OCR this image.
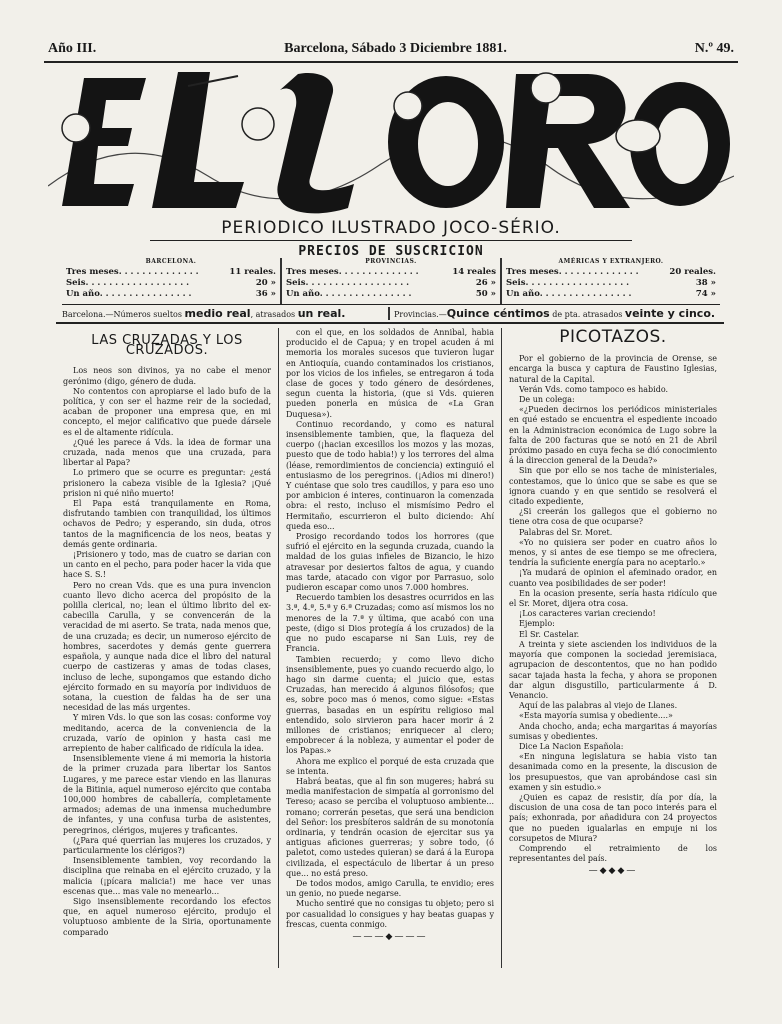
Año III.	Barcelona, Sábado 3 Diciembre 1881.	N.º 49.
PERIODICO ILUSTRADO JOCO-SÉRIO.
PRECIOS DE SUSCRICION
BARCELONA.
Tres meses. . . . . . . . . . . . . .	11 reales.
Seis. . . . . . . . . . . . . . . . . .	20 »
Un año. . . . . . . . . . . . . . . .	36 »
PROVINCIAS.
Tres meses. . . . . . . . . . . . . .	14 reales
Seis. . . . . . . . . . . . . . . . . .	26 »
Un año. . . . . . . . . . . . . . . .	50 »
AMÉRICAS Y EXTRANJERO.
Tres meses. . . . . . . . . . . . . .	20 reales.
Seis. . . . . . . . . . . . . . . . . .	38 »
Un año. . . . . . . . . . . . . . . .	74 »
Barcelona.—Números sueltos medio real, atrasados un real.	Provincias.—Quince céntimos de pta. atrasados veinte y cinco.
LAS CRUZADAS Y LOS CRUZADOS.

Los neos son divinos, ya no cabe el menor gerónimo (digo, género de duda.

No contentos con apropiarse el lado bufo de la política, y con ser el hazme reir de la sociedad, acaban de proponer una empresa que, en mi concepto, el mejor calificativo que puede dársele es el de altamente ridícula.

¿Qué les parece á Vds. la idea de formar una cruzada, nada menos que una cruzada, para libertar al Papa?

Lo primero que se ocurre es preguntar: ¿está prisionero la cabeza visible de la Iglesia? ¡Qué prision ni qué niño muerto!

El Papa está tranquilamente en Roma, disfrutando tambien con tranquilidad, los últimos ochavos de Pedro; y esperando, sin duda, otros tantos de la magnificencia de los neos, beatas y demás gente ordinaria.

¡Prisionero y todo, mas de cuatro se darian con un canto en el pecho, para poder hacer la vida que hace S. S.!

Pero no crean Vds. que es una pura invencion cuanto llevo dicho acerca del propósito de la polilla clerical, no; lean el último librito del ex-cabecilla Carulla, y se convencerán de la veracidad de mi aserto. Se trata, nada menos que, de una cruzada; es decir, un numeroso ejército de hombres, sacerdotes y demás gente guerrera española, y aunque nada dice el libro del natural cuerpo de castizeras y amas de todas clases, incluso de leche, supongamos que estando dicho ejército formado en su mayoría por individuos de sotana, la cuestion de faldas ha de ser una necesidad de las más urgentes.

Y miren Vds. lo que son las cosas: conforme voy meditando, acerca de la conveniencia de la cruzada, varío de opinion y hasta casi me arrepiento de haber calificado de ridícula la idea.

Insensiblemente viene á mi memoria la historia de la primer cruzada para libertar los Santos Lugares, y me parece estar viendo en las llanuras de la Bitinia, aquel numeroso ejército que contaba 100,000 hombres de caballería, completamente armados; ademas de una inmensa muchedumbre de infantes, y una confusa turba de asistentes, peregrinos, clérigos, mujeres y traficantes.

(¿Para qué querrian las mujeres los cruzados, y particularmente los clérigos?)

Insensiblemente tambien, voy recordando la disciplina que reinaba en el ejército cruzado, y la malicia (¡pícara malicia!) me hace ver unas escenas que... mas vale no menearlo...

Sigo insensiblemente recordando los efectos que, en aquel numeroso ejército, produjo el voluptuoso ambiente de la Siria, oportunamente comparado

con el que, en los soldados de Annibal, habia producido el de Capua; y en tropel acuden á mi memoria los morales sucesos que tuvieron lugar en Antioquía, cuando contaminados los cristianos, por los vicios de los infieles, se entregaron á toda clase de goces y todo género de desórdenes, segun cuenta la historia, (que si Vds. quieren pueden ponerla en música de «La Gran Duquesa»).

Continuo recordando, y como es natural insensiblemente tambien, que, la flaqueza del cuerpo (¡hacian excesillos los mozos y las mozas, puesto que de todo habia!) y los terrores del alma (léase, remordimientos de conciencia) extinguió el entusiasmo de los peregrinos. (¡Adios mi dinero!) Y cuéntase que solo tres caudillos, y para eso uno por ambicion é interes, continuaron la comenzada obra: el resto, incluso el mismísimo Pedro el Hermitaño, escurrieron el bulto diciendo: Ahí queda eso...

Prosigo recordando todos los horrores (que sufrió el ejército en la segunda cruzada, cuando la maldad de los guias infieles de Bizancio, le hizo atravesar por desiertos faltos de agua, y cuando mas tarde, atacado con vigor por Parrasuo, solo pudieron escapar como unos 7.000 hombres.

Recuerdo tambien los desastres ocurridos en las 3.ª, 4.ª, 5.ª y 6.ª Cruzadas; como así mismos los no menores de la 7.ª y última, que acabó con una peste, (digo si Dios protegía á los cruzados) de la que no pudo escaparse ni San Luis, rey de Francia.

Tambien recuerdo; y como llevo dicho insensiblemente, pues yo cuando recuerdo algo, lo hago sin darme cuenta; el juicio que, estas Cruzadas, han merecido á algunos filósofos; que es, sobre poco mas ó menos, como sigue: «Estas guerras, basadas en un espíritu religioso mal entendido, solo sirvieron para hacer morir á 2 millones de cristianos; enriquecer al clero; empobrecer á la nobleza, y aumentar el poder de los Papas.»

Ahora me explico el porqué de esta cruzada que se intenta.

Habrá beatas, que al fin son mugeres; habrá su media manifestacion de simpatía al gorronismo del Tereso; acaso se perciba el voluptuoso ambiente... romano; correrán pesetas, que será una bendicion del Señor: los presbíteros saldrán de su monotonía ordinaria, y tendrán ocasion de ejercitar sus ya antiguas aficiones guerreras; y sobre todo, (ó paletot, como ustedes quieran) se dará á la Europa civilizada, el espectáculo de libertar á un preso que... no está preso.

De todos modos, amigo Carulla, te envidio; eres un genio, no puede negarse.

Mucho sentiré que no consigas tu objeto; pero si por casualidad lo consigues y hay beatas guapas y frescas, cuenta conmigo.

———◆———
PICOTAZOS.

Por el gobierno de la provincia de Orense, se encarga la busca y captura de Faustino Iglesias, natural de la Capital.

Verán Vds. como tampoco es habido.

De un colega:

«¿Pueden decirnos los periódicos ministeriales en qué estado se encuentra el espediente incoado en la Administracion económica de Lugo sobre la falta de 200 facturas que se notó en 21 de Abril próximo pasado en cuya fecha se dió conocimiento á la direccion general de la Deuda?»

Sin que por ello se nos tache de ministeriales, contestamos, que lo único que se sabe es que se ignora cuando y en que sentido se resolverá el citado expediente,

¿Si creerán los gallegos que el gobierno no tiene otra cosa de que ocuparse?

Palabras del Sr. Moret.

«Yo no quisiera ser poder en cuatro años lo menos, y si antes de ese tiempo se me ofreciera, tendría la suficiente energía para no aceptarlo.»

¡Ya mudará de opinion el afeminado orador, en cuanto vea posibilidades de ser poder!

En la ocasion presente, sería hasta ridículo que el Sr. Moret, dijera otra cosa.

¡Los caracteres varian creciendo!

Ejemplo:

El Sr. Castelar.

A treinta y siete ascienden los individuos de la mayoría que componen la sociedad jeremisiaca, agrupacion de descontentos, que no han podido sacar tajada hasta la fecha, y ahora se proponen dar algun disgustillo, particularmente á D. Venancio.

Aquí de las palabras al viejo de Llanes.

«Esta mayoría sumisa y obediente....»

Anda chocho, anda; echa margaritas á mayorías sumisas y obedientes.

Dice La Nacion Española:

«En ninguna legislatura se habia visto tan desanimada como en la presente, la discusion de los presupuestos, que van aprobándose casi sin examen y sin estudio.»

¿Quien es capaz de resistir, día por día, la discusion de una cosa de tan poco interés para el país; exhonrada, por añadidura con 24 proyectos que no pueden igualarlas en empuje ni los corsupetos de Miura?

Comprendo el retraimiento de los representantes del país.

—◆◆◆—
